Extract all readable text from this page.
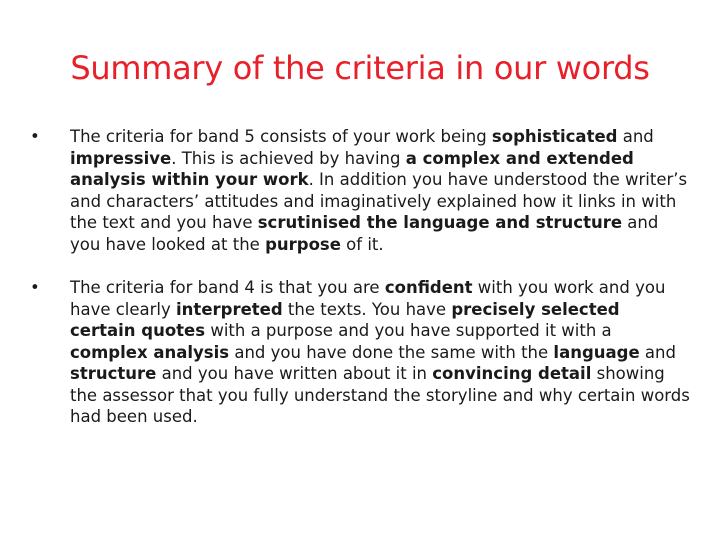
Summary of the criteria in our words
•	The criteria for band 5 consists of your work being sophisticated and impressive. This is achieved by having a complex and extended analysis within your work. In addition you have understood the writer’s and characters’ attitudes and imaginatively explained how it links in with the text and you have scrutinised the language and structure and you have looked at the purpose of it.
•	The criteria for band 4 is that you are confident with you work and you have clearly interpreted the texts. You have precisely selected certain quotes with a purpose and you have supported it with a complex analysis and you have done the same with the language and structure and you have written about it in convincing detail showing the assessor that you fully understand the storyline and why certain words had been used.
